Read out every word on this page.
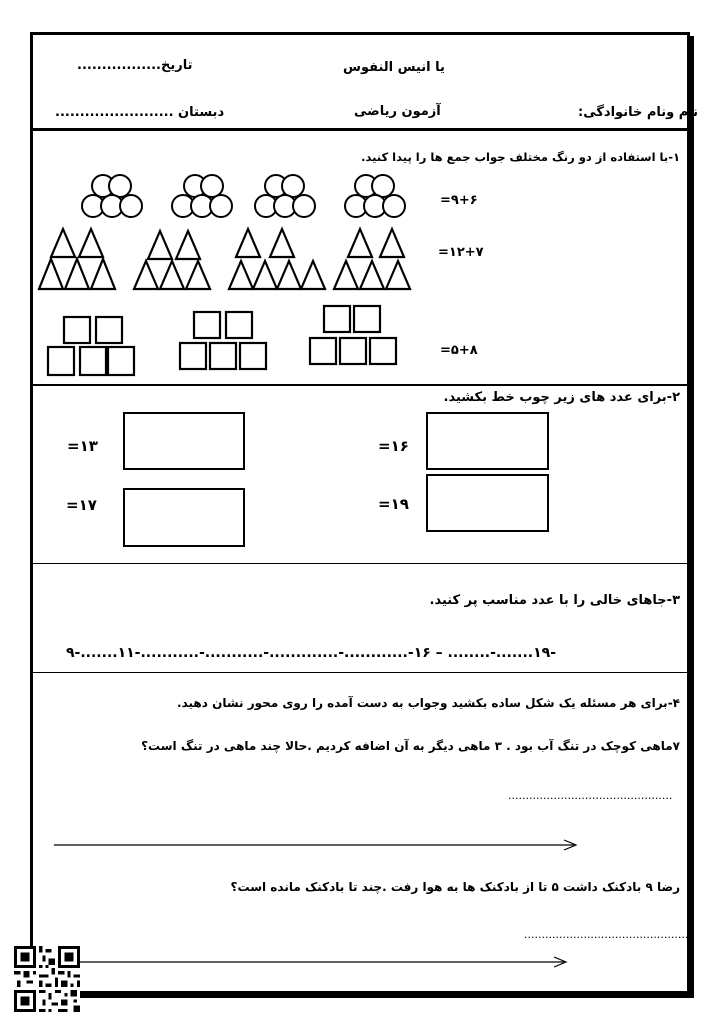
یا انیس النفوس
تاریخ.................
نام ونام خانوادگی:
آزمون ریاضی
دبستان ........................
۱-با استفاده از دو رنگ مختلف جواب جمع ها را پیدا کنید.
۹+۶=
۱۲+۷=
۵+۸=
۲-برای عدد های زیر چوب خط بکشید.
۱۶=
۱۳=
۱۹=
۱۷=
۳-جاهای خالی را با عدد مناسب پر کنید.
۹-.......۱۱-...........-...........-.............-............-۱۶ – ........-.......۱۹-
۴-برای هر مسئله یک شکل ساده بکشید وجواب به دست آمده را روی محور نشان دهید.
۷ماهی کوچک در تنگ آب بود . ۳ ماهی دیگر به آن اضافه کردیم .حالا چند ماهی در تنگ است؟
...............................................
رضا ۹ بادکنک داشت ۵ تا از بادکنک ها به هوا رفت .چند تا بادکنک مانده است؟
................................................
